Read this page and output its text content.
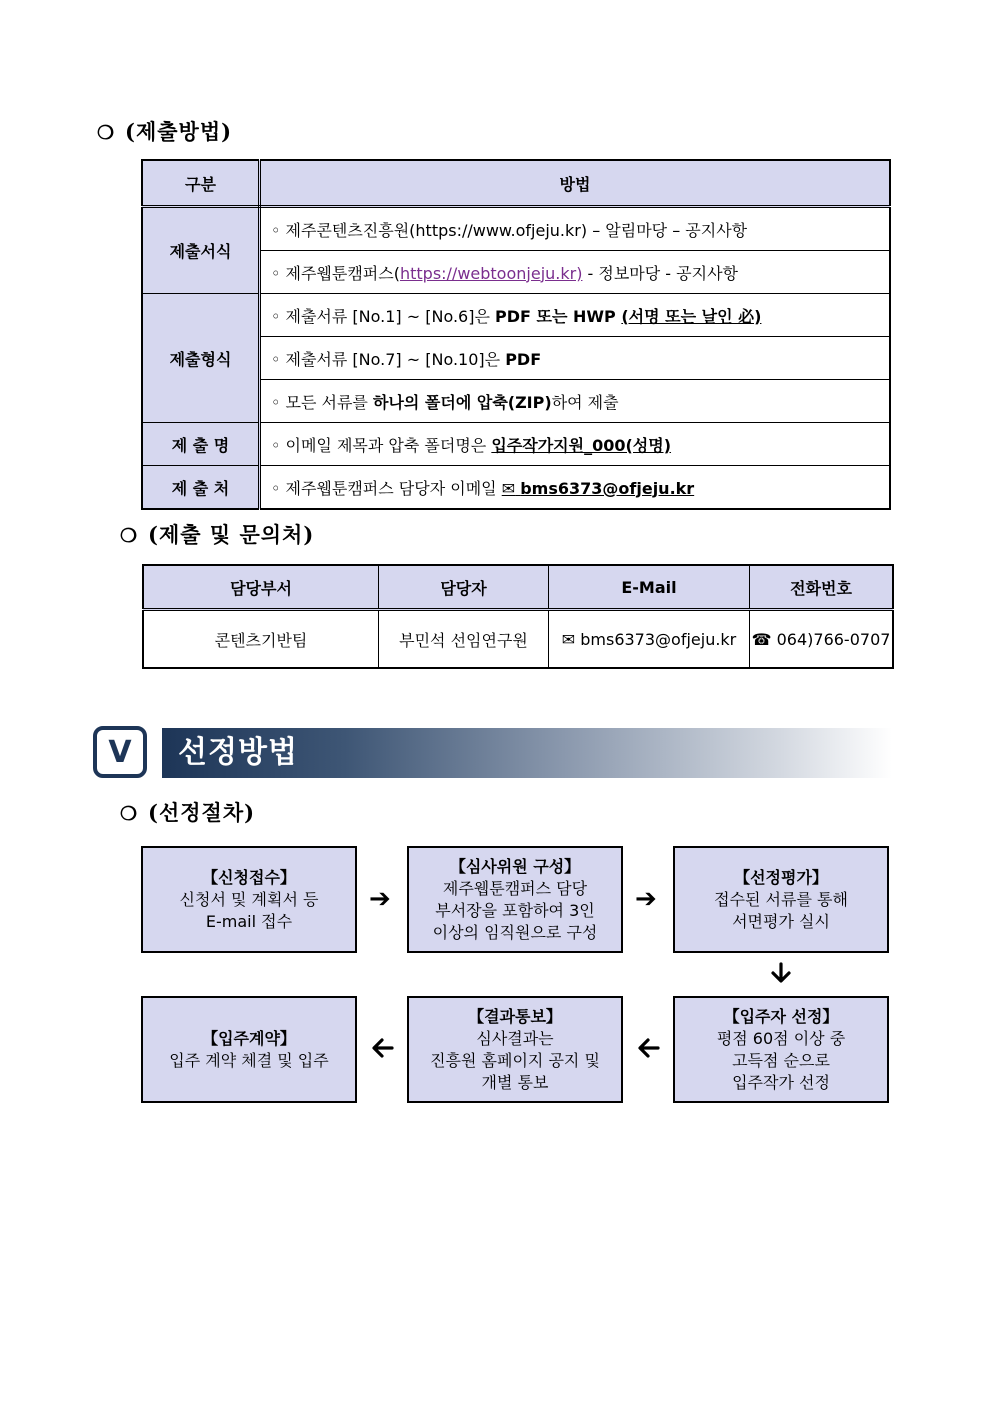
❍ (제출방법)
구분	방법
제출서식	◦ 제주콘텐츠진흥원(https://www.ofjeju.kr) – 알림마당 – 공지사항
	◦ 제주웹툰캠퍼스(https://webtoonjeju.kr) - 정보마당 - 공지사항
제출형식	◦ 제출서류 [No.1] ~ [No.6]은 PDF 또는 HWP (서명 또는 날인 必)
	◦ 제출서류 [No.7] ~ [No.10]은 PDF
	◦ 모든 서류를 하나의 폴더에 압축(ZIP)하여 제출
제 출 명	◦ 이메일 제목과 압축 폴더명은 입주작가지원_000(성명)
제 출 처	◦ 제주웹툰캠퍼스 담당자 이메일 ✉ bms6373@ofjeju.kr
❍ (제출 및 문의처)
담당부서	담당자	E-Mail	전화번호
콘텐츠기반팀	부민석 선임연구원	✉ bms6373@ofjeju.kr	☎ 064)766-0707
V	선정방법
❍ (선정절차)
【신청접수】
신청서 및 계획서 등
E-mail 접수
➔
【심사위원 구성】
제주웹툰캠퍼스 담당
부서장을 포함하여 3인
이상의 임직원으로 구성
➔
【선정평가】
접수된 서류를 통해
서면평가 실시
【입주계약】
입주 계약 체결 및 입주
【결과통보】
심사결과는
진흥원 홈페이지 공지 및
개별 통보
【입주자 선정】
평점 60점 이상 중
고득점 순으로
입주작가 선정
